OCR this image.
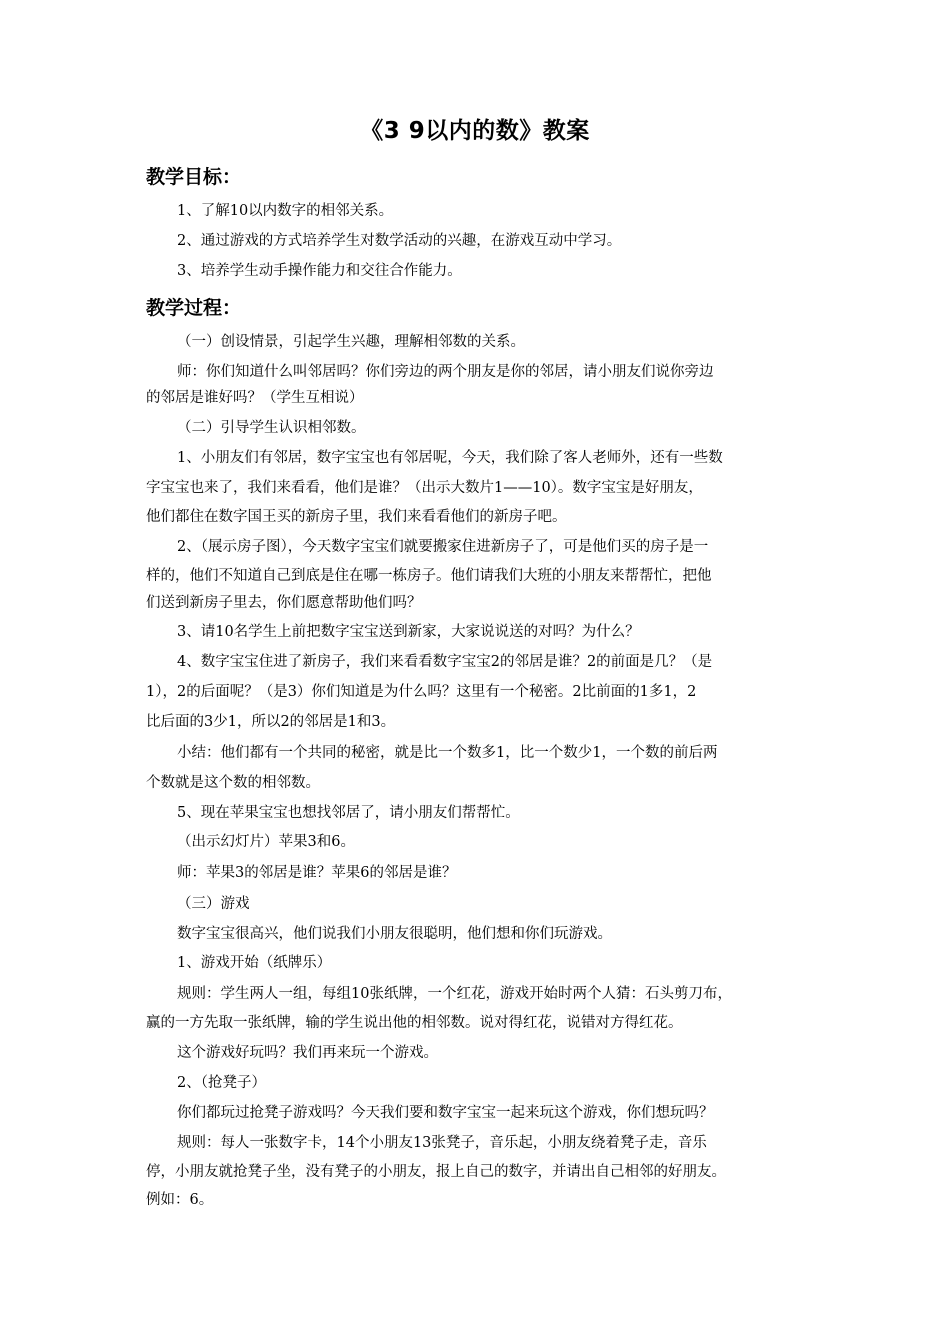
《3 9以内的数》教案
教学目标：
1、了解10以内数字的相邻关系。
2、通过游戏的方式培养学生对数学活动的兴趣，在游戏互动中学习。
3、培养学生动手操作能力和交往合作能力。
教学过程：
（一）创设情景，引起学生兴趣，理解相邻数的关系。
师：你们知道什么叫邻居吗？你们旁边的两个朋友是你的邻居，请小朋友们说你旁边
的邻居是谁好吗？（学生互相说）
（二）引导学生认识相邻数。
1、小朋友们有邻居，数字宝宝也有邻居呢，今天，我们除了客人老师外，还有一些数
字宝宝也来了，我们来看看，他们是谁？（出示大数片1——10）。数字宝宝是好朋友，
他们都住在数字国王买的新房子里，我们来看看他们的新房子吧。
2、（展示房子图），今天数字宝宝们就要搬家住进新房子了，可是他们买的房子是一
样的，他们不知道自己到底是住在哪一栋房子。他们请我们大班的小朋友来帮帮忙，把他
们送到新房子里去，你们愿意帮助他们吗？
3、请10名学生上前把数字宝宝送到新家，大家说说送的对吗？为什么？
4、数字宝宝住进了新房子，我们来看看数字宝宝2的邻居是谁？2的前面是几？（是
1），2的后面呢？（是3）你们知道是为什么吗？这里有一个秘密。2比前面的1多1，2
比后面的3少1，所以2的邻居是1和3。
小结：他们都有一个共同的秘密，就是比一个数多1，比一个数少1，一个数的前后两
个数就是这个数的相邻数。
5、现在苹果宝宝也想找邻居了，请小朋友们帮帮忙。
（出示幻灯片）苹果3和6。
师：苹果3的邻居是谁？苹果6的邻居是谁？
（三）游戏
数字宝宝很高兴，他们说我们小朋友很聪明，他们想和你们玩游戏。
1、游戏开始（纸牌乐）
规则：学生两人一组，每组10张纸牌，一个红花，游戏开始时两个人猜：石头剪刀布，
赢的一方先取一张纸牌，输的学生说出他的相邻数。说对得红花，说错对方得红花。
这个游戏好玩吗？我们再来玩一个游戏。
2、（抢凳子）
你们都玩过抢凳子游戏吗？今天我们要和数字宝宝一起来玩这个游戏，你们想玩吗？
规则：每人一张数字卡，14个小朋友13张凳子，音乐起，小朋友绕着凳子走，音乐
停，小朋友就抢凳子坐，没有凳子的小朋友，报上自己的数字，并请出自己相邻的好朋友。
例如：6。
